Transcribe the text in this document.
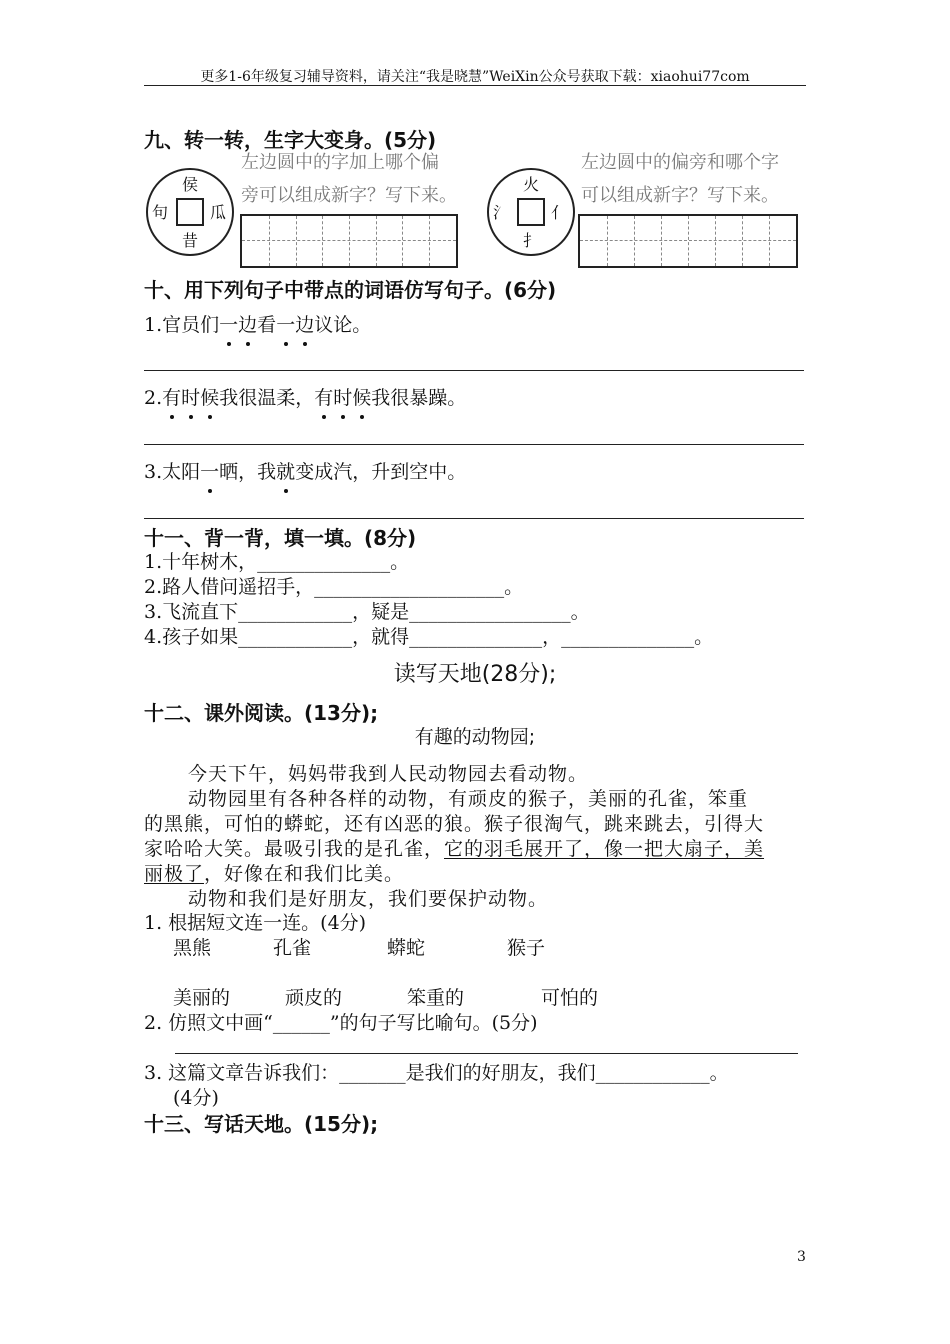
更多1-6年级复习辅导资料，请关注“我是晓慧”WeiXin公众号获取下载：xiaohui77com
九、转一转，生字大变身。(5分)
侯
句	瓜
昔
左边圆中的字加上哪个偏
旁可以组成新字？写下来。
火
氵	亻
扌
左边圆中的偏旁和哪个字
可以组成新字？写下来。
十、用下列句子中带点的词语仿写句子。(6分)
1.官员们一边看一边议论。
2.有时候我很温柔，有时候我很暴躁。
3.太阳一晒，我就变成汽，升到空中。
十一、背一背，填一填。(8分)
1.十年树木，______________。
2.路人借问遥招手，____________________。
3.飞流直下____________，疑是_________________。
4.孩子如果____________，就得______________，______________。
读写天地(28分);
十二、课外阅读。(13分);
有趣的动物园;
今天下午，妈妈带我到人民动物园去看动物。
动物园里有各种各样的动物，有顽皮的猴子，美丽的孔雀，笨重
的黑熊，可怕的蟒蛇，还有凶恶的狼。猴子很淘气，跳来跳去，引得大
家哈哈大笑。最吸引我的是孔雀，它的羽毛展开了，像一把大扇子，美
丽极了，好像在和我们比美。
动物和我们是好朋友，我们要保护动物。
1. 根据短文连一连。(4分)
黑熊	孔雀	蟒蛇	猴子
美丽的	顽皮的	笨重的	可怕的
2. 仿照文中画“______”的句子写比喻句。(5分)
3. 这篇文章告诉我们：_______是我们的好朋友，我们____________。
(4分)
十三、写话天地。(15分);
3
